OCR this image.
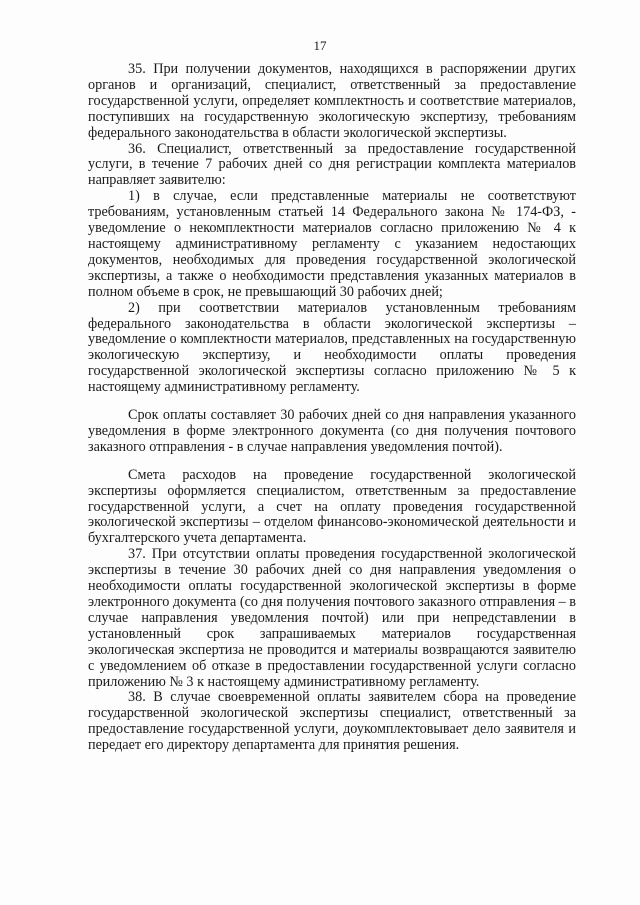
17

35. При получении документов, находящихся в распоряжении других органов и организаций, специалист, ответственный за предоставление государственной услуги, определяет комплектность и соответствие материалов, поступивших на государственную экологическую экспертизу, требованиям федерального законодательства в области экологической экспертизы.

36. Специалист, ответственный за предоставление государственной услуги, в течение 7 рабочих дней со дня регистрации комплекта материалов направляет заявителю:

1) в случае, если представленные материалы не соответствуют требованиям, установленным статьей 14 Федерального закона № 174-ФЗ, - уведомление о некомплектности материалов согласно приложению № 4 к настоящему административному регламенту с указанием недостающих документов, необходимых для проведения государственной экологической экспертизы, а также о необходимости представления указанных материалов в полном объеме в срок, не превышающий 30 рабочих дней;

2) при соответствии материалов установленным требованиям федерального законодательства в области экологической экспертизы – уведомление о комплектности материалов, представленных на государственную экологическую экспертизу, и необходимости оплаты проведения государственной экологической экспертизы согласно приложению № 5 к настоящему административному регламенту.

Срок оплаты составляет 30 рабочих дней со дня направления указанного уведомления в форме электронного документа (со дня получения почтового заказного отправления - в случае направления уведомления почтой).

Смета расходов на проведение государственной экологической экспертизы оформляется специалистом, ответственным за предоставление государственной услуги, а счет на оплату проведения государственной экологической экспертизы – отделом финансово-экономической деятельности и бухгалтерского учета департамента.

37. При отсутствии оплаты проведения государственной экологической экспертизы в течение 30 рабочих дней со дня направления уведомления о необходимости оплаты государственной экологической экспертизы в форме электронного документа (со дня получения почтового заказного отправления – в случае направления уведомления почтой) или при непредставлении в установленный срок запрашиваемых материалов государственная экологическая экспертиза не проводится и материалы возвращаются заявителю с уведомлением об отказе в предоставлении государственной услуги согласно приложению № 3 к настоящему административному регламенту.

38. В случае своевременной оплаты заявителем сбора на проведение государственной экологической экспертизы специалист, ответственный за предоставление государственной услуги, доукомплектовывает дело заявителя и передает его директору департамента для принятия решения.
